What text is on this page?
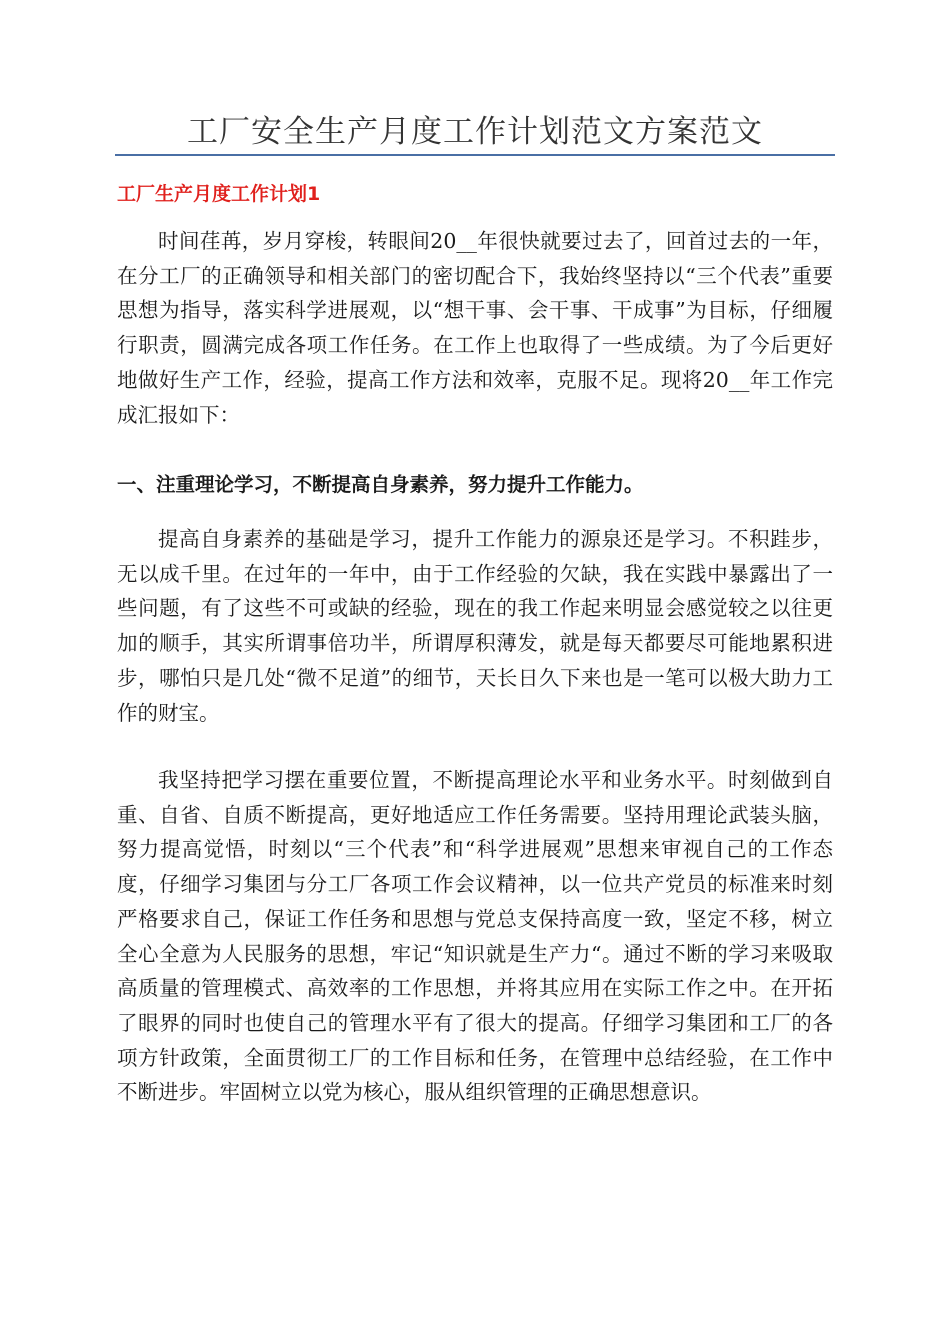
工厂安全生产月度工作计划范文方案范文
工厂生产月度工作计划1

时间荏苒，岁月穿梭，转眼间20__年很快就要过去了，回首过去的一年，在分工厂的正确领导和相关部门的密切配合下，我始终坚持以“三个代表”重要思想为指导，落实科学进展观，以“想干事、会干事、干成事”为目标，仔细履行职责，圆满完成各项工作任务。在工作上也取得了一些成绩。为了今后更好地做好生产工作，经验，提高工作方法和效率，克服不足。现将20__年工作完成汇报如下：

一、注重理论学习，不断提高自身素养，努力提升工作能力。

提高自身素养的基础是学习，提升工作能力的源泉还是学习。不积跬步，无以成千里。在过年的一年中，由于工作经验的欠缺，我在实践中暴露出了一些问题，有了这些不可或缺的经验，现在的我工作起来明显会感觉较之以往更加的顺手，其实所谓事倍功半，所谓厚积薄发，就是每天都要尽可能地累积进步，哪怕只是几处“微不足道”的细节，天长日久下来也是一笔可以极大助力工作的财宝。

我坚持把学习摆在重要位置，不断提高理论水平和业务水平。时刻做到自重、自省、自质不断提高，更好地适应工作任务需要。坚持用理论武装头脑，努力提高觉悟，时刻以“三个代表”和“科学进展观”思想来审视自己的工作态度，仔细学习集团与分工厂各项工作会议精神，以一位共产党员的标准来时刻严格要求自己，保证工作任务和思想与党总支保持高度一致，坚定不移，树立全心全意为人民服务的思想，牢记“知识就是生产力“。通过不断的学习来吸取高质量的管理模式、高效率的工作思想，并将其应用在实际工作之中。在开拓了眼界的同时也使自己的管理水平有了很大的提高。仔细学习集团和工厂的各项方针政策，全面贯彻工厂的工作目标和任务，在管理中总结经验，在工作中不断进步。牢固树立以党为核心，服从组织管理的正确思想意识。
